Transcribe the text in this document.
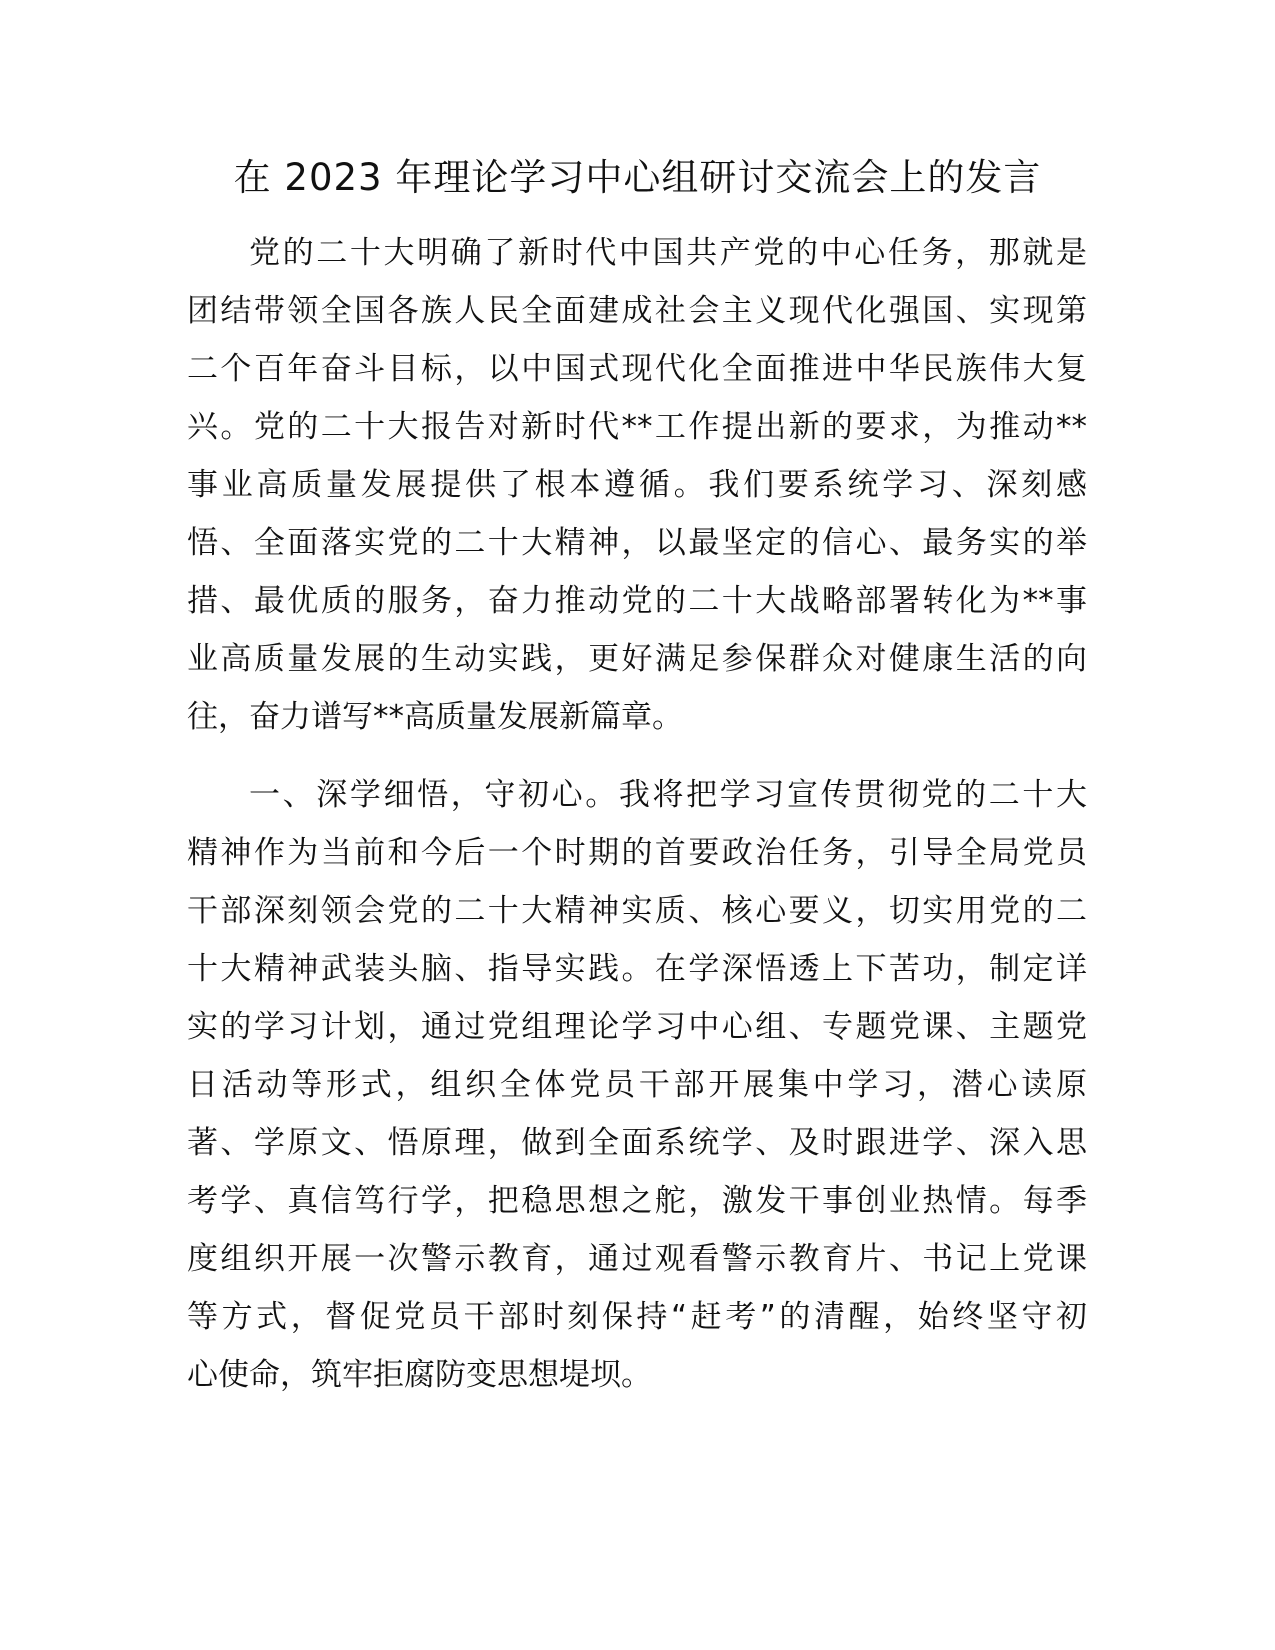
在 2023 年理论学习中心组研讨交流会上的发言

党的二十大明确了新时代中国共产党的中心任务，那就是
团结带领全国各族人民全面建成社会主义现代化强国、实现第
二个百年奋斗目标，以中国式现代化全面推进中华民族伟大复
兴。党的二十大报告对新时代**工作提出新的要求，为推动**
事业高质量发展提供了根本遵循。我们要系统学习、深刻感
悟、全面落实党的二十大精神，以最坚定的信心、最务实的举
措、最优质的服务，奋力推动党的二十大战略部署转化为**事
业高质量发展的生动实践，更好满足参保群众对健康生活的向
往，奋力谱写**高质量发展新篇章。

一、深学细悟，守初心。我将把学习宣传贯彻党的二十大
精神作为当前和今后一个时期的首要政治任务，引导全局党员
干部深刻领会党的二十大精神实质、核心要义，切实用党的二
十大精神武装头脑、指导实践。在学深悟透上下苦功，制定详
实的学习计划，通过党组理论学习中心组、专题党课、主题党
日活动等形式，组织全体党员干部开展集中学习，潜心读原
著、学原文、悟原理，做到全面系统学、及时跟进学、深入思
考学、真信笃行学，把稳思想之舵，激发干事创业热情。每季
度组织开展一次警示教育，通过观看警示教育片、书记上党课
等方式，督促党员干部时刻保持“赶考”的清醒，始终坚守初
心使命，筑牢拒腐防变思想堤坝。
